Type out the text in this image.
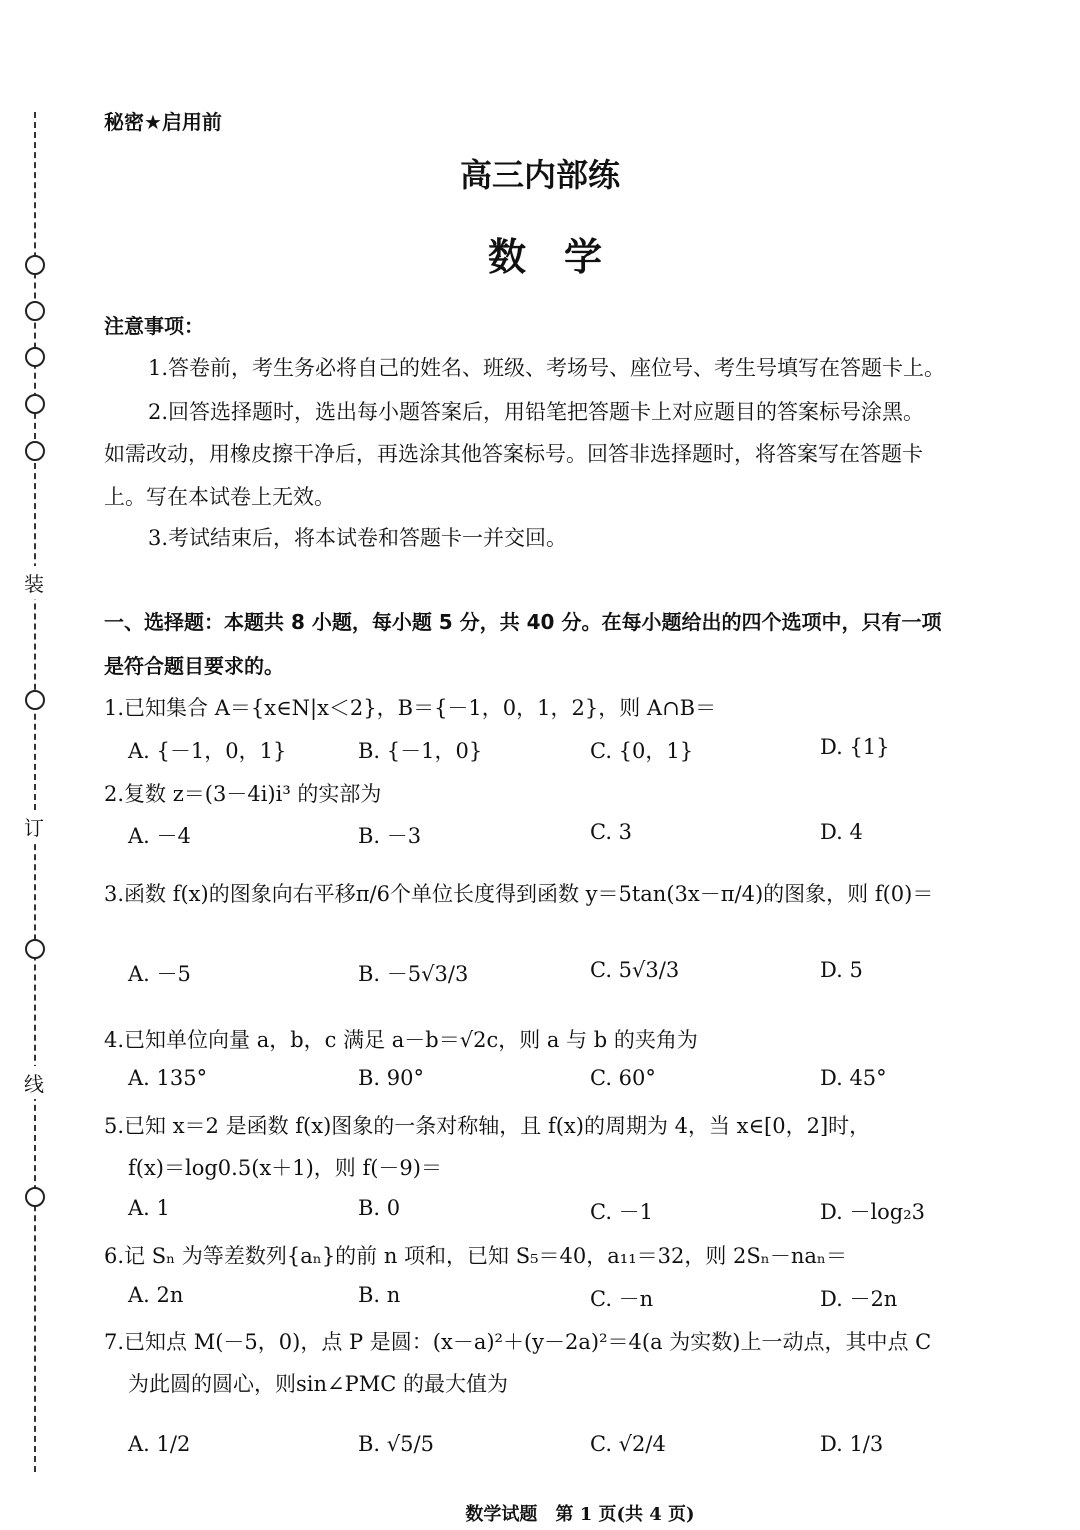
装
订
线
秘密★启用前
高三内部练
数　学
注意事项：
1.答卷前，考生务必将自己的姓名、班级、考场号、座位号、考生号填写在答题卡上。
2.回答选择题时，选出每小题答案后，用铅笔把答题卡上对应题目的答案标号涂黑。
如需改动，用橡皮擦干净后，再选涂其他答案标号。回答非选择题时，将答案写在答题卡
上。写在本试卷上无效。
3.考试结束后，将本试卷和答题卡一并交回。
一、选择题：本题共 8 小题，每小题 5 分，共 40 分。在每小题给出的四个选项中，只有一项
是符合题目要求的。
1.已知集合 A＝{x∈N|x＜2}，B＝{－1，0，1，2}，则 A∩B＝
A. {－1，0，1}	B. {－1，0}	C. {0，1}	D. {1}
2.复数 z＝(3－4i)i³ 的实部为
A. －4	B. －3	C. 3	D. 4
3.函数 f(x)的图象向右平移π/6个单位长度得到函数 y＝5tan(3x－π/4)的图象，则 f(0)＝
A. －5	B. －5√3/3	C. 5√3/3	D. 5
4.已知单位向量 a，b，c 满足 a－b＝√2c，则 a 与 b 的夹角为
A. 135°	B. 90°	C. 60°	D. 45°
5.已知 x＝2 是函数 f(x)图象的一条对称轴，且 f(x)的周期为 4，当 x∈[0，2]时，
f(x)＝log0.5(x＋1)，则 f(－9)＝
A. 1	B. 0	C. －1	D. －log₂3
6.记 Sₙ 为等差数列{aₙ}的前 n 项和，已知 S₅＝40，a₁₁＝32，则 2Sₙ－naₙ＝
A. 2n	B. n	C. －n	D. －2n
7.已知点 M(－5，0)，点 P 是圆：(x－a)²＋(y－2a)²＝4(a 为实数)上一动点，其中点 C
为此圆的圆心，则sin∠PMC 的最大值为
A. 1/2	B. √5/5	C. √2/4	D. 1/3
数学试题　第 1 页(共 4 页)
